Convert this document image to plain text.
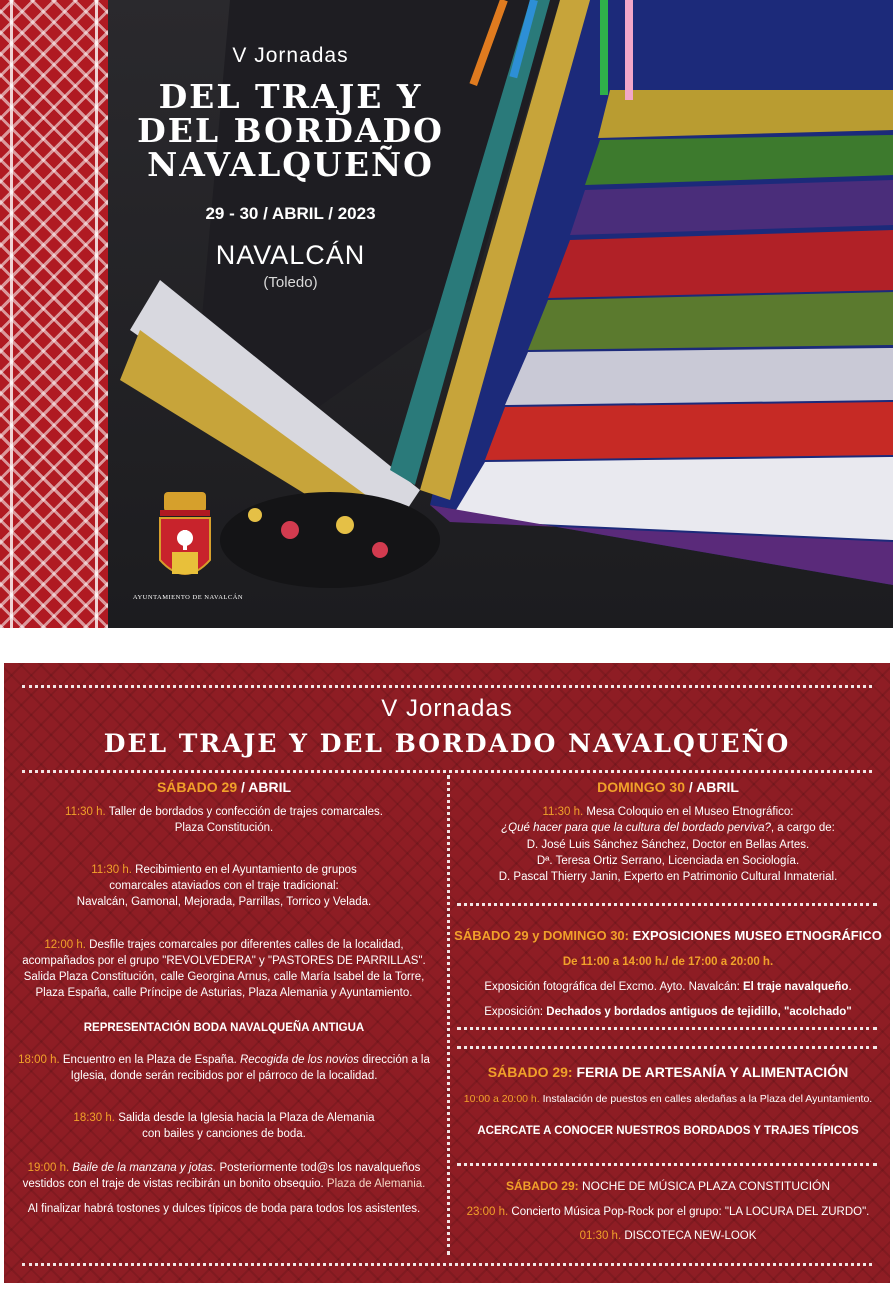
V Jornadas
DEL TRAJE Y
DEL BORDADO
NAVALQUEÑO
29 - 30 / ABRIL / 2023
NAVALCÁN
(Toledo)
AYUNTAMIENTO DE NAVALCÁN
V Jornadas
DEL TRAJE Y DEL BORDADO NAVALQUEÑO

SÁBADO 29 / ABRIL

11:30 h. Taller de bordados y confección de trajes comarcales.

Plaza Constitución.

11:30 h. Recibimiento en el Ayuntamiento de grupos

comarcales ataviados con el traje tradicional:

Navalcán, Gamonal, Mejorada, Parrillas, Torrico y Velada.

12:00 h. Desfile trajes comarcales por diferentes calles de la localidad,

acompañados por el grupo "REVOLVEDERA" y "PASTORES DE PARRILLAS".

Salida Plaza Constitución, calle Georgina Arnus, calle María Isabel de la Torre,

Plaza España, calle Príncipe de Asturias, Plaza Alemania y Ayuntamiento.

REPRESENTACIÓN BODA NAVALQUEÑA ANTIGUA

18:00 h. Encuentro en la Plaza de España. Recogida de los novios dirección a la

Iglesia, donde serán recibidos por el párroco de la localidad.

18:30 h. Salida desde la Iglesia hacia la Plaza de Alemania

con bailes y canciones de boda.

19:00 h. Baile de la manzana y jotas. Posteriormente tod@s los navalqueños

vestidos con el traje de vistas recibirán un bonito obsequio. Plaza de Alemania.

Al finalizar habrá tostones y dulces típicos de boda para todos los asistentes.

DOMINGO 30 / ABRIL

11:30 h. Mesa Coloquio en el Museo Etnográfico:

¿Qué hacer para que la cultura del bordado perviva?, a cargo de:

D. José Luis Sánchez Sánchez, Doctor en Bellas Artes.

Dª. Teresa Ortiz Serrano, Licenciada en Sociología.

D. Pascal Thierry Janin, Experto en Patrimonio Cultural Inmaterial.

SÁBADO 29 y DOMINGO 30: EXPOSICIONES MUSEO ETNOGRÁFICO

De 11:00 a 14:00 h./ de 17:00 a 20:00 h.

Exposición fotográfica del Excmo. Ayto. Navalcán: El traje navalqueño.

Exposición: Dechados y bordados antiguos de tejidillo, "acolchado"

SÁBADO 29: FERIA DE ARTESANÍA Y ALIMENTACIÓN

10:00 a 20:00 h. Instalación de puestos en calles aledañas a la Plaza del Ayuntamiento.

ACERCATE A CONOCER NUESTROS BORDADOS Y TRAJES TÍPICOS

SÁBADO 29: NOCHE DE MÚSICA PLAZA CONSTITUCIÓN

23:00 h. Concierto Música Pop-Rock por el grupo: "LA LOCURA DEL ZURDO".

01:30 h. DISCOTECA NEW-LOOK
